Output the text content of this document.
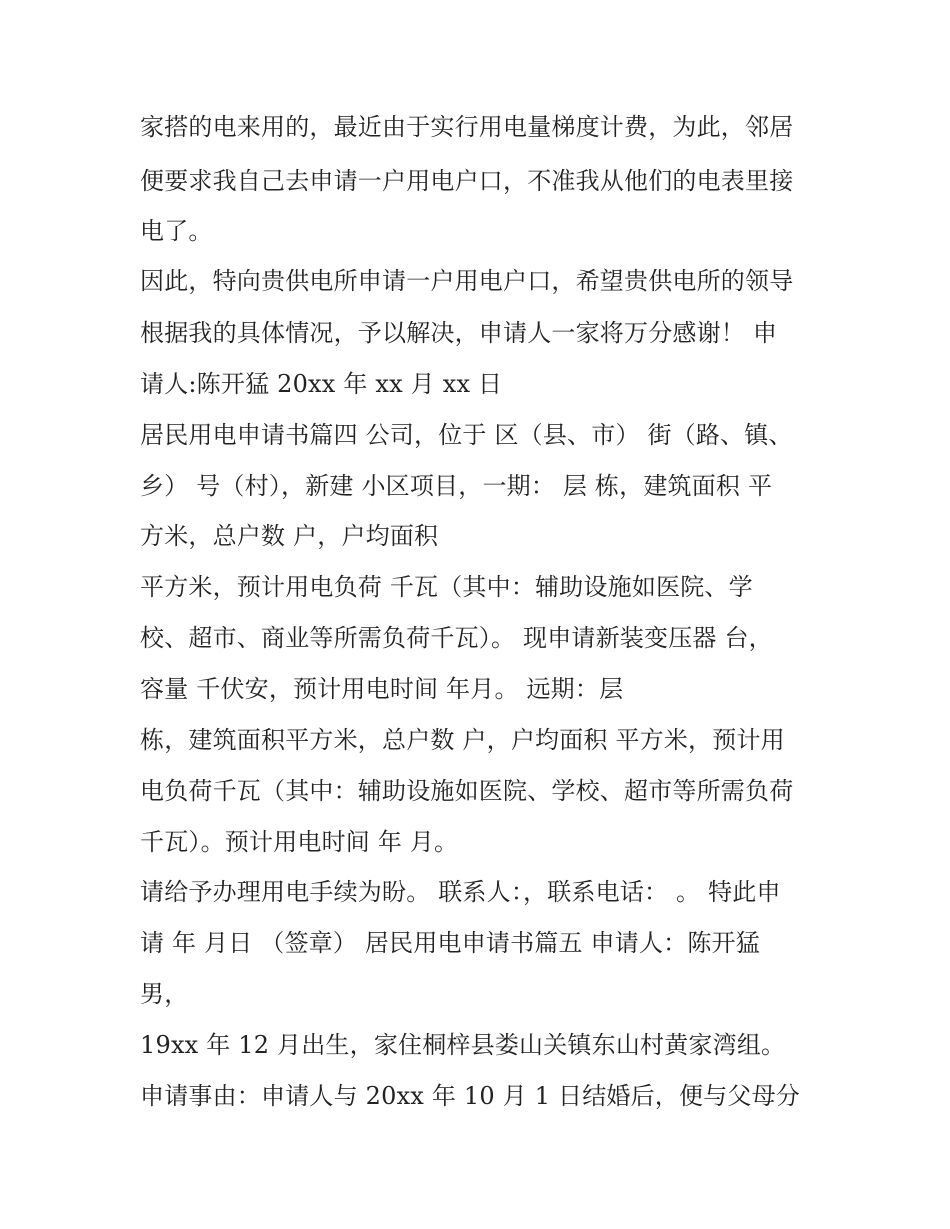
家搭的电来用的，最近由于实行用电量梯度计费，为此，邻居
便要求我自己去申请一户用电户口，不准我从他们的电表里接
电了。
因此，特向贵供电所申请一户用电户口，希望贵供电所的领导
根据我的具体情况，予以解决，申请人一家将万分感谢！ 申
请人:陈开猛 20xx 年 xx 月 xx 日
居民用电申请书篇四 公司，位于 区（县、市） 街（路、镇、
乡） 号（村），新建 小区项目，一期： 层 栋，建筑面积 平
方米，总户数 户，户均面积
平方米，预计用电负荷 千瓦（其中：辅助设施如医院、学
校、超市、商业等所需负荷千瓦）。 现申请新装变压器 台，
容量 千伏安，预计用电时间 年月。 远期：层
栋，建筑面积平方米，总户数 户，户均面积 平方米，预计用
电负荷千瓦（其中：辅助设施如医院、学校、超市等所需负荷
千瓦）。预计用电时间 年 月。
请给予办理用电手续为盼。 联系人：，联系电话： 。 特此申
请 年 月日 （签章） 居民用电申请书篇五 申请人：陈开猛
男，
19xx 年 12 月出生，家住桐梓县娄山关镇东山村黄家湾组。
申请事由：申请人与 20xx 年 10 月 1 日结婚后，便与父母分
